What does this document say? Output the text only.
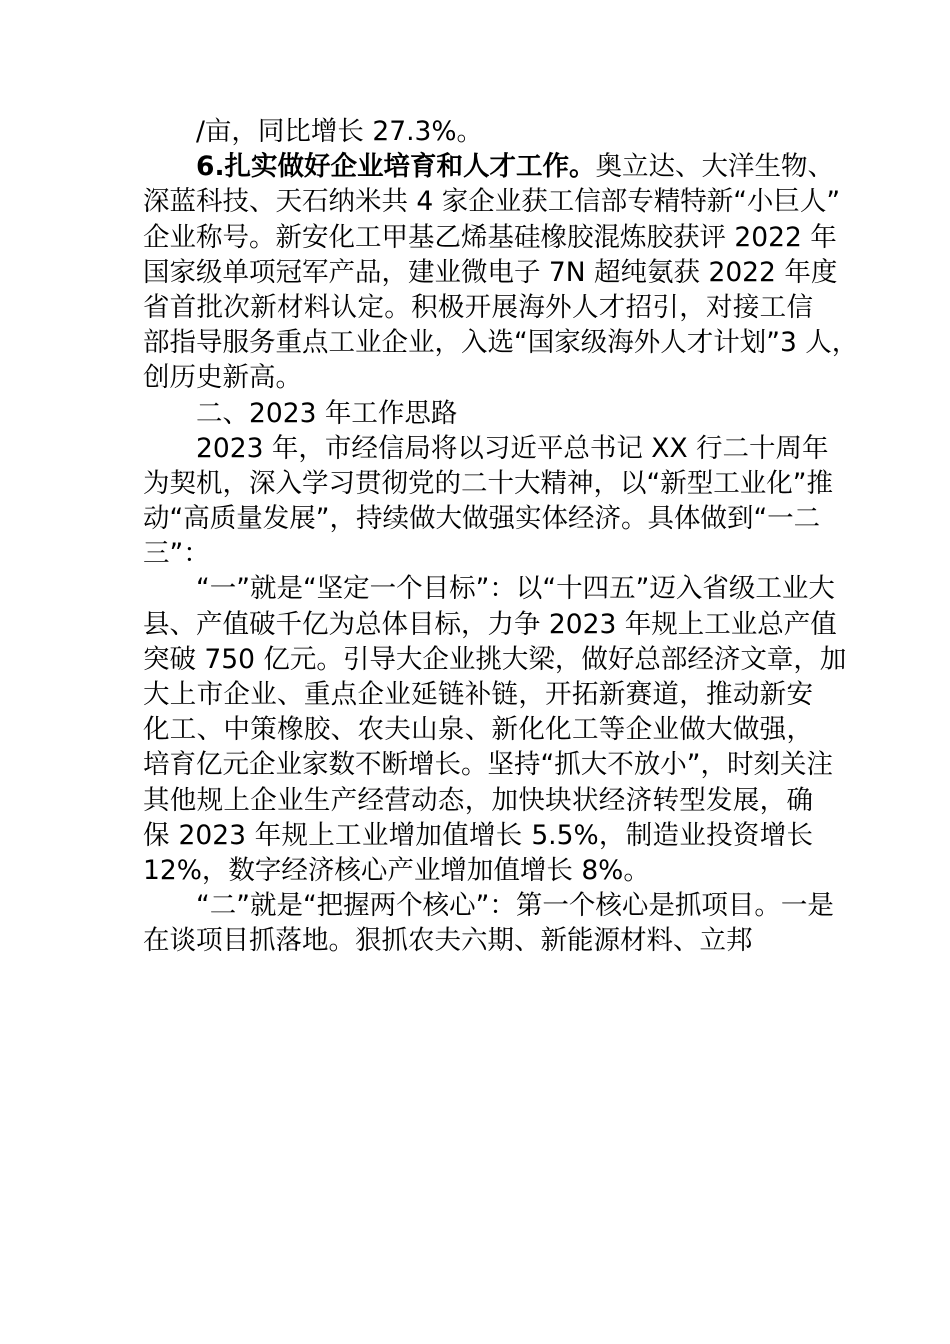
/亩，同比增长 27.3%。
6.扎实做好企业培育和人才工作。奥立达、大洋生物、
深蓝科技、天石纳米共 4 家企业获工信部专精特新“小巨人”
企业称号。新安化工甲基乙烯基硅橡胶混炼胶获评 2022 年
国家级单项冠军产品，建业微电子 7N 超纯氨获 2022 年度
省首批次新材料认定。积极开展海外人才招引，对接工信
部指导服务重点工业企业，入选“国家级海外人才计划”3 人，
创历史新高。
二、2023 年工作思路
2023 年，市经信局将以习近平总书记 XX 行二十周年
为契机，深入学习贯彻党的二十大精神，以“新型工业化”推
动“高质量发展”，持续做大做强实体经济。具体做到“一二
三”：
“一”就是“坚定一个目标”：以“十四五”迈入省级工业大
县、产值破千亿为总体目标，力争 2023 年规上工业总产值
突破 750 亿元。引导大企业挑大梁，做好总部经济文章，加
大上市企业、重点企业延链补链，开拓新赛道，推动新安
化工、中策橡胶、农夫山泉、新化化工等企业做大做强，
培育亿元企业家数不断增长。坚持“抓大不放小”，时刻关注
其他规上企业生产经营动态，加快块状经济转型发展，确
保 2023 年规上工业增加值增长 5.5%，制造业投资增长
12%，数字经济核心产业增加值增长 8%。
“二”就是“把握两个核心”：第一个核心是抓项目。一是
在谈项目抓落地。狠抓农夫六期、新能源材料、立邦
